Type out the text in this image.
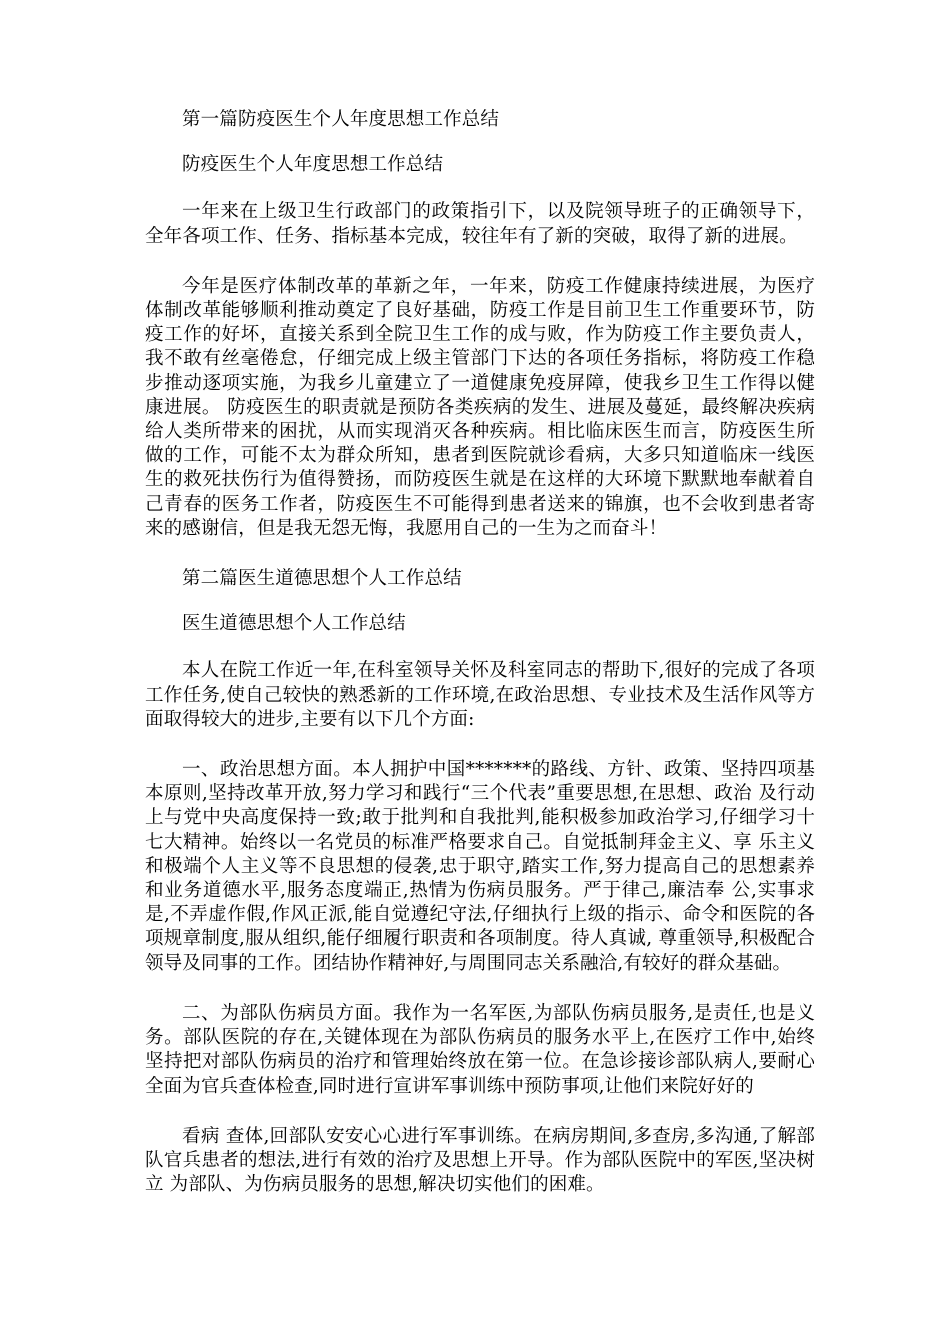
第一篇防疫医生个人年度思想工作总结

防疫医生个人年度思想工作总结

一年来在上级卫生行政部门的政策指引下，以及院领导班子的正确领导下，全年各项工作、任务、指标基本完成，较往年有了新的突破，取得了新的进展。

今年是医疗体制改革的革新之年，一年来，防疫工作健康持续进展，为医疗体制改革能够顺利推动奠定了良好基础，防疫工作是目前卫生工作重要环节，防疫工作的好坏，直接关系到全院卫生工作的成与败，作为防疫工作主要负责人，我不敢有丝毫倦怠，仔细完成上级主管部门下达的各项任务指标，将防疫工作稳步推动逐项实施，为我乡儿童建立了一道健康免疫屏障，使我乡卫生工作得以健康进展。 防疫医生的职责就是预防各类疾病的发生、进展及蔓延，最终解决疾病给人类所带来的困扰，从而实现消灭各种疾病。相比临床医生而言，防疫医生所做的工作，可能不太为群众所知，患者到医院就诊看病，大多只知道临床一线医生的救死扶伤行为值得赞扬，而防疫医生就是在这样的大环境下默默地奉献着自己青春的医务工作者，防疫医生不可能得到患者送来的锦旗，也不会收到患者寄来的感谢信，但是我无怨无悔，我愿用自己的一生为之而奋斗！

第二篇医生道德思想个人工作总结

医生道德思想个人工作总结

本人在院工作近一年,在科室领导关怀及科室同志的帮助下,很好的完成了各项工作任务,使自己较快的熟悉新的工作环境,在政治思想、专业技术及生活作风等方面取得较大的进步,主要有以下几个方面:

一、政治思想方面。本人拥护中国*******的路线、方针、政策、坚持四项基本原则,坚持改革开放,努力学习和践行“三个代表”重要思想,在思想、政治 及行动上与党中央高度保持一致;敢于批判和自我批判,能积极参加政治学习,仔细学习十七大精神。始终以一名党员的标准严格要求自己。自觉抵制拜金主义、享 乐主义和极端个人主义等不良思想的侵袭,忠于职守,踏实工作,努力提高自己的思想素养和业务道德水平,服务态度端正,热情为伤病员服务。严于律己,廉洁奉 公,实事求是,不弄虚作假,作风正派,能自觉遵纪守法,仔细执行上级的指示、命令和医院的各项规章制度,服从组织,能仔细履行职责和各项制度。待人真诚, 尊重领导,积极配合领导及同事的工作。团结协作精神好,与周围同志关系融洽,有较好的群众基础。

二、为部队伤病员方面。我作为一名军医,为部队伤病员服务,是责任,也是义务。部队医院的存在,关键体现在为部队伤病员的服务水平上,在医疗工作中,始终 坚持把对部队伤病员的治疗和管理始终放在第一位。在急诊接诊部队病人,要耐心全面为官兵查体检查,同时进行宣讲军事训练中预防事项,让他们来院好好的

看病 查体,回部队安安心心进行军事训练。在病房期间,多查房,多沟通,了解部队官兵患者的想法,进行有效的治疗及思想上开导。作为部队医院中的军医,坚决树立 为部队、为伤病员服务的思想,解决切实他们的困难。
